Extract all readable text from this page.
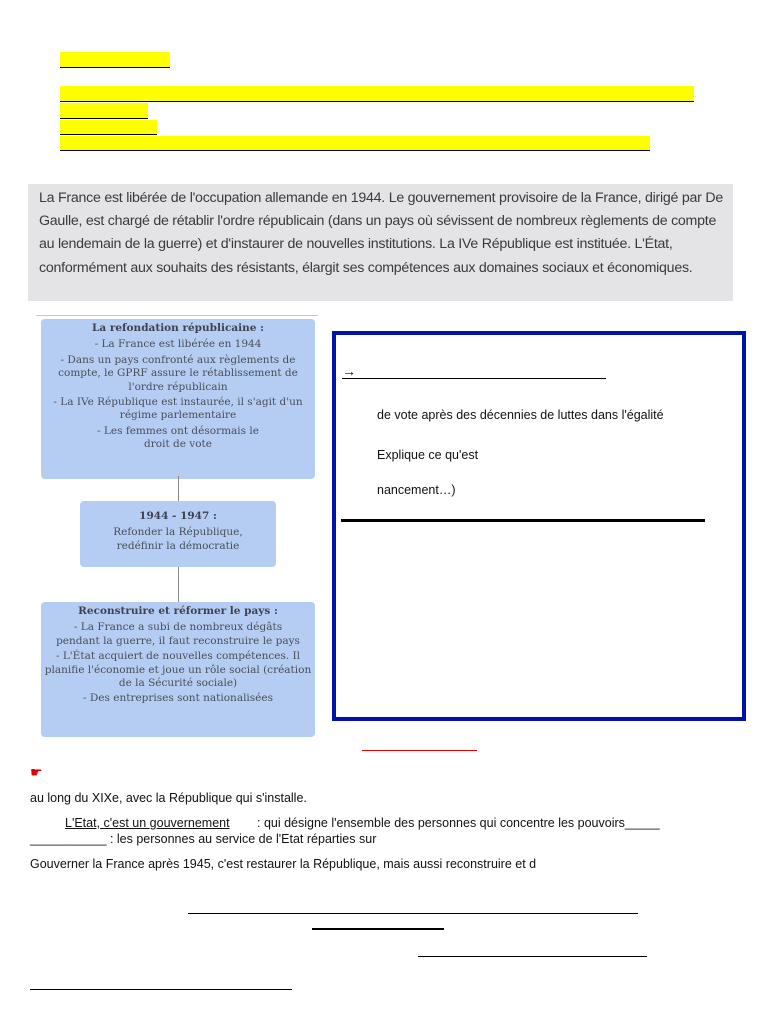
La France est libérée de l'occupation allemande en 1944. Le gouvernement provisoire de la France, dirigé par De Gaulle, est chargé de rétablir l'ordre républicain (dans un pays où sévissent de nombreux règlements de compte au lendemain de la guerre) et d'instaurer de nouvelles institutions. La IVe République est instituée. L'État, conformément aux souhaits des résistants, élargit ses compétences aux domaines sociaux et économiques.
La refondation républicaine :
- La France est libérée en 1944
- Dans un pays confronté aux règlements de compte, le GPRF assure le rétablissement de l'ordre républicain
- La IVe République est instaurée, il s'agit d'un régime parlementaire
- Les femmes ont désormais le droit de vote
1944 - 1947 :
Refonder la République, redéfinir la démocratie
Reconstruire et réformer le pays :
- La France a subi de nombreux dégâts pendant la guerre, il faut reconstruire le pays
- L'État acquiert de nouvelles compétences. Il planifie l'économie et joue un rôle social (création de la Sécurité sociale)
- Des entreprises sont nationalisées
→
de vote après des décennies de luttes dans l'égalité
Explique ce qu'est
nancement…)
☛
au long du XIXe, avec la République qui s'installe.
L'Etat, c'est un gouvernement : qui désigne l'ensemble des personnes qui concentre les pouvoirs_____
___________ : les personnes au service de l'Etat réparties sur
Gouverner la France après 1945, c'est restaurer la République, mais aussi reconstruire et d
